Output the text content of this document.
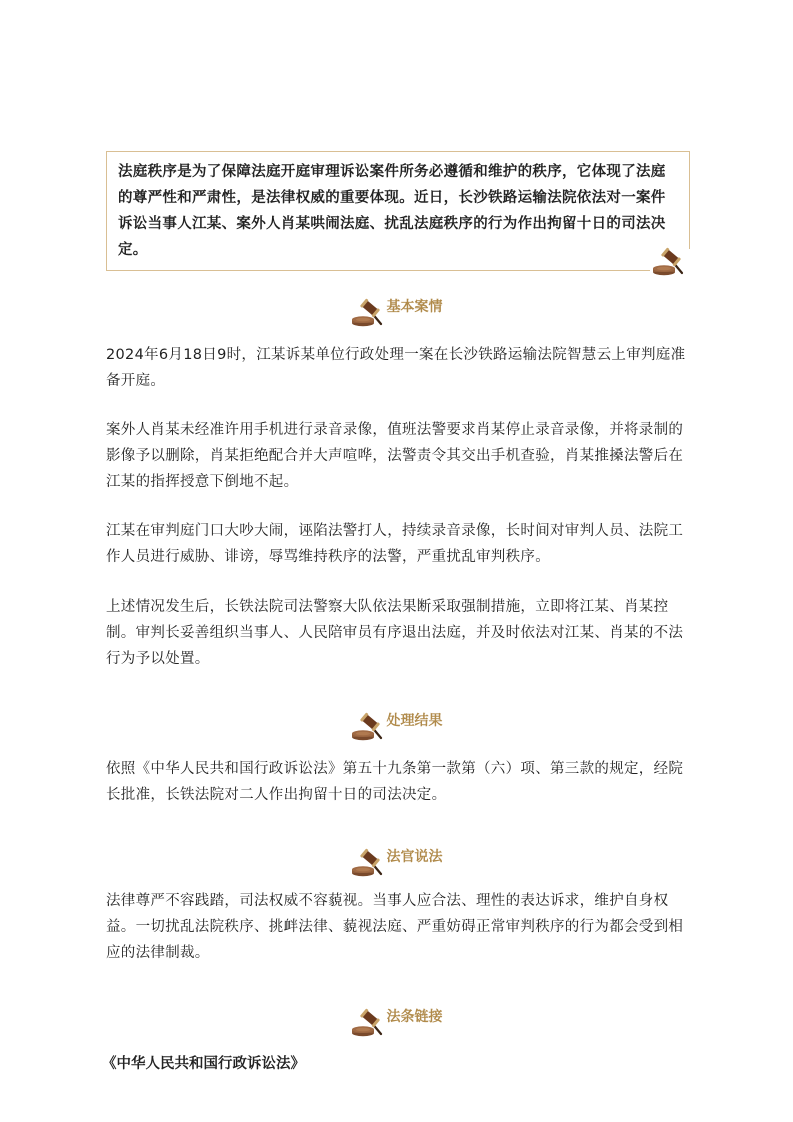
法庭秩序是为了保障法庭开庭审理诉讼案件所务必遵循和维护的秩序，它体现了法庭的尊严性和严肃性，是法律权威的重要体现。近日，长沙铁路运输法院依法对一案件诉讼当事人江某、案外人肖某哄闹法庭、扰乱法庭秩序的行为作出拘留十日的司法决定。
基本案情
2024年6月18日9时，江某诉某单位行政处理一案在长沙铁路运输法院智慧云上审判庭准备开庭。
案外人肖某未经准许用手机进行录音录像，值班法警要求肖某停止录音录像，并将录制的影像予以删除，肖某拒绝配合并大声喧哗，法警责令其交出手机查验，肖某推搡法警后在江某的指挥授意下倒地不起。
江某在审判庭门口大吵大闹，诬陷法警打人，持续录音录像，长时间对审判人员、法院工作人员进行威胁、诽谤，辱骂维持秩序的法警，严重扰乱审判秩序。
上述情况发生后，长铁法院司法警察大队依法果断采取强制措施，立即将江某、肖某控制。审判长妥善组织当事人、人民陪审员有序退出法庭，并及时依法对江某、肖某的不法行为予以处置。
处理结果
依照《中华人民共和国行政诉讼法》第五十九条第一款第（六）项、第三款的规定，经院长批准，长铁法院对二人作出拘留十日的司法决定。
法官说法
法律尊严不容践踏，司法权威不容藐视。当事人应合法、理性的表达诉求，维护自身权益。一切扰乱法院秩序、挑衅法律、藐视法庭、严重妨碍正常审判秩序的行为都会受到相应的法律制裁。
法条链接
《中华人民共和国行政诉讼法》
